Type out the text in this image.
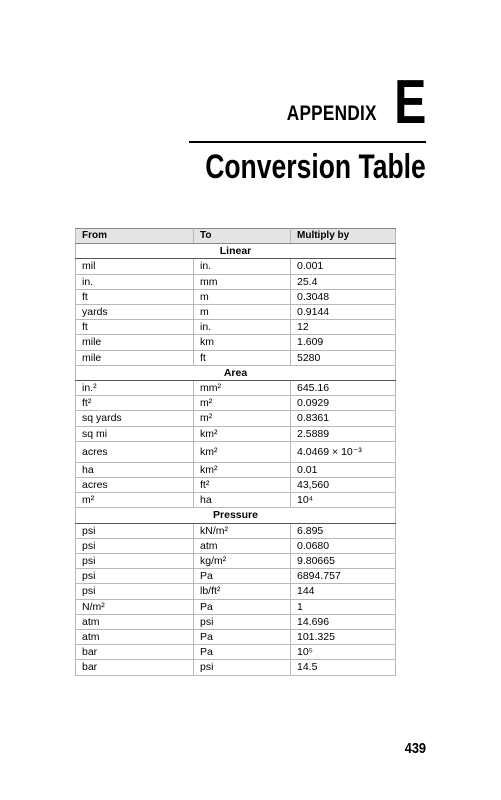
APPENDIX E
Conversion Table
From	To	Multiply by
Linear		
mil	in.	0.001
in.	mm	25.4
ft	m	0.3048
yards	m	0.9144
ft	in.	12
mile	km	1.609
mile	ft	5280
Area		
in.²	mm²	645.16
ft²	m²	0.0929
sq yards	m²	0.8361
sq mi	km²	2.5889
acres	km²	4.0469 × 10⁻³
ha	km²	0.01
acres	ft²	43,560
m²	ha	10⁴
Pressure		
psi	kN/m²	6.895
psi	atm	0.0680
psi	kg/m²	9.80665
psi	Pa	6894.757
psi	lb/ft²	144
N/m²	Pa	1
atm	psi	14.696
atm	Pa	101.325
bar	Pa	10⁵
bar	psi	14.5
439
